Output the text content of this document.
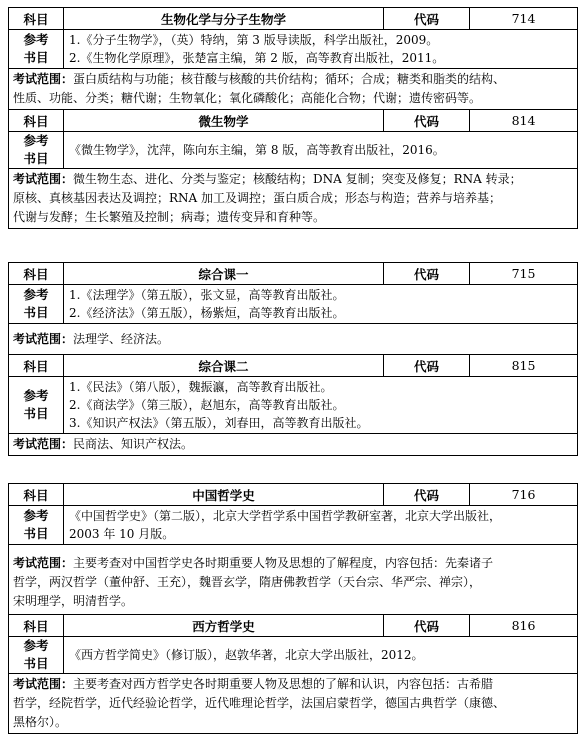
科目	生物化学与分子生物学	代码	714

参考
书目	1.《分子生物学》，（英）特纳，第 3 版导读版，科学出版社，2009。
2.《生物化学原理》，张楚富主编，第 2 版，高等教育出版社，2011。		

考试范围：蛋白质结构与功能；核苷酸与核酸的共价结构；循环；合成；糖类和脂类的结构、
性质、功能、分类；糖代谢；生物氧化；氧化磷酸化；高能化合物；代谢；遗传密码等。			

科目	微生物学	代码	814

参考
书目	《微生物学》，沈萍，陈向东主编，第 8 版，高等教育出版社，2016。		

考试范围：微生物生态、进化、分类与鉴定；核酸结构；DNA 复制；突变及修复；RNA 转录；
原核、真核基因表达及调控；RNA 加工及调控；蛋白质合成；形态与构造；营养与培养基；
代谢与发酵；生长繁殖及控制；病毒；遗传变异和育种等。			
科目	综合课一	代码	715

参考
书目	1.《法理学》（第五版），张文显，高等教育出版社。
2.《经济法》（第五版），杨紫烜，高等教育出版社。		

考试范围：法理学、经济法。			

科目	综合课二	代码	815

参考
书目	1.《民法》（第八版），魏振瀛，高等教育出版社。
2.《商法学》（第三版），赵旭东，高等教育出版社。
3.《知识产权法》（第五版），刘春田，高等教育出版社。		

考试范围：民商法、知识产权法。			
科目	中国哲学史	代码	716

参考
书目	《中国哲学史》（第二版），北京大学哲学系中国哲学教研室著，北京大学出版社，
2003 年 10 月版。		

考试范围：主要考查对中国哲学史各时期重要人物及思想的了解程度，内容包括：先秦诸子
哲学，两汉哲学（董仲舒、王充），魏晋玄学，隋唐佛教哲学（天台宗、华严宗、禅宗），
宋明理学，明清哲学。			

科目	西方哲学史	代码	816

参考
书目	《西方哲学简史》（修订版），赵敦华著，北京大学出版社，2012。		

考试范围：主要考查对西方哲学史各时期重要人物及思想的了解和认识，内容包括：古希腊
哲学，经院哲学，近代经验论哲学，近代唯理论哲学，法国启蒙哲学，德国古典哲学（康德、
黑格尔）。			
